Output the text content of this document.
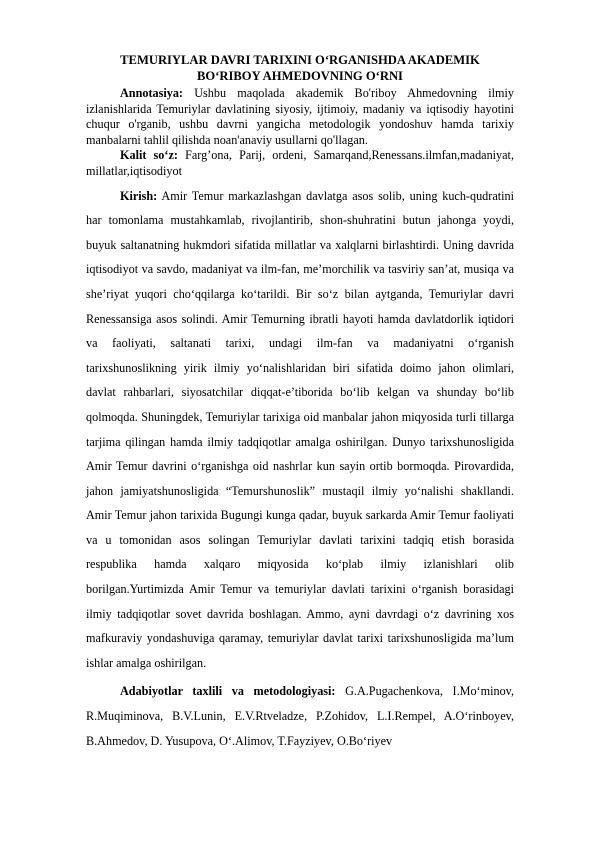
TEMURIYLAR DAVRI TARIXINI O‘RGANISHDA AKADEMIK
BO‘RIBOY AHMEDOVNING O‘RNI

Annotasiya: Ushbu maqolada akademik Bo'riboy Ahmedovning ilmiy izlanishlarida Temuriylar davlatining siyosiy, ijtimoiy, madaniy va iqtisodiy hayotini chuqur o'rganib, ushbu davrni yangicha metodologik yondoshuv hamda tarixiy manbalarni tahlil qilishda noan'anaviy usullarni qo'llagan.

Kalit so‘z: Farg’ona, Parij, ordeni, Samarqand,Renessans.ilmfan,madaniyat, millatlar,iqtisodiyot

Kirish: Amir Temur markazlashgan davlatga asos solib, uning kuch-qudratini har tomonlama mustahkamlab, rivojlantirib, shon-shuhratini butun jahonga yoydi, buyuk saltanatning hukmdori sifatida millatlar va xalqlarni birlashtirdi. Uning davrida iqtisodiyot va savdo, madaniyat va ilm-fan, me’morchilik va tasviriy san’at, musiqa va she’riyat yuqori cho‘qqilarga ko‘tarildi. Bir so‘z bilan aytganda, Temuriylar davri Renessansiga asos solindi. Amir Temurning ibratli hayoti hamda davlatdorlik iqtidori va faoliyati, saltanati tarixi, undagi ilm-fan va madaniyatni o‘rganish tarixshunoslikning yirik ilmiy yo‘nalishlaridan biri sifatida doimo jahon olimlari, davlat rahbarlari, siyosatchilar diqqat-e’tiborida bo‘lib kelgan va shunday bo‘lib qolmoqda. Shuningdek, Temuriylar tarixiga oid manbalar jahon miqyosida turli tillarga tarjima qilingan hamda ilmiy tadqiqotlar amalga oshirilgan. Dunyo tarixshunosligida Amir Temur davrini o‘rganishga oid nashrlar kun sayin ortib bormoqda. Pirovardida, jahon jamiyatshunosligida “Temurshunoslik” mustaqil ilmiy yo‘nalishi shakllandi. Amir Temur jahon tarixida Bugungi kunga qadar, buyuk sarkarda Amir Temur faoliyati va u tomonidan asos solingan Temuriylar davlati tarixini tadqiq etish borasida respublika hamda xalqaro miqyosida ko‘plab ilmiy izlanishlari olib borilgan.Yurtimizda Amir Temur va temuriylar davlati tarixini o‘rganish borasidagi ilmiy tadqiqotlar sovet davrida boshlagan. Ammo, ayni davrdagi o‘z davrining xos mafkuraviy yondashuviga qaramay, temuriylar davlat tarixi tarixshunosligida ma’lum ishlar amalga oshirilgan.

Adabiyotlar taxlili va metodologiyasi: G.A.Pugachenkova, I.Mo‘minov, R.Muqiminova, B.V.Lunin, E.V.Rtveladze, P.Zohidov, L.I.Rempel, A.O‘rinboyev, B.Ahmedov, D. Yusupova, O‘.Alimov, T.Fayziyev, O.Bo‘riyev
